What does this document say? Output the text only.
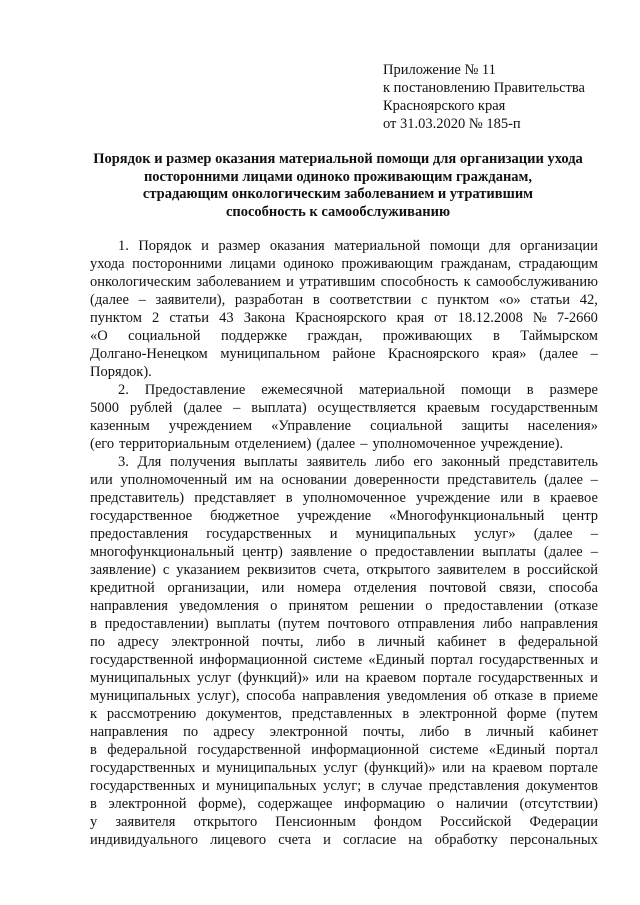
Приложение № 11
к постановлению Правительства
Красноярского края
от 31.03.2020 № 185-п
Порядок и размер оказания материальной помощи для организации ухода
посторонними лицами одиноко проживающим гражданам,
страдающим онкологическим заболеванием и утратившим
способность к самообслуживанию
1. Порядок и размер оказания материальной помощи для организации
ухода посторонними лицами одиноко проживающим гражданам, страдающим
онкологическим заболеванием и утратившим способность к самообслуживанию
(далее – заявители), разработан в соответствии с пунктом «о» статьи 42,
пунктом 2 статьи 43 Закона Красноярского края от 18.12.2008 № 7-2660
«О социальной поддержке граждан, проживающих в Таймырском
Долгано-Ненецком муниципальном районе Красноярского края» (далее –
Порядок).
2. Предоставление ежемесячной материальной помощи в размере
5000 рублей (далее – выплата) осуществляется краевым государственным
казенным учреждением «Управление социальной защиты населения»
(его территориальным отделением) (далее – уполномоченное учреждение).
3. Для получения выплаты заявитель либо его законный представитель
или уполномоченный им на основании доверенности представитель (далее –
представитель) представляет в уполномоченное учреждение или в краевое
государственное бюджетное учреждение «Многофункциональный центр
предоставления государственных и муниципальных услуг» (далее –
многофункциональный центр) заявление о предоставлении выплаты (далее –
заявление) с указанием реквизитов счета, открытого заявителем в российской
кредитной организации, или номера отделения почтовой связи, способа
направления уведомления о принятом решении о предоставлении (отказе
в предоставлении) выплаты (путем почтового отправления либо направления
по адресу электронной почты, либо в личный кабинет в федеральной
государственной информационной системе «Единый портал государственных и
муниципальных услуг (функций)» или на краевом портале государственных и
муниципальных услуг), способа направления уведомления об отказе в приеме
к рассмотрению документов, представленных в электронной форме (путем
направления по адресу электронной почты, либо в личный кабинет
в федеральной государственной информационной системе «Единый портал
государственных и муниципальных услуг (функций)» или на краевом портале
государственных и муниципальных услуг; в случае представления документов
в электронной форме), содержащее информацию о наличии (отсутствии)
у заявителя открытого Пенсионным фондом Российской Федерации
индивидуального лицевого счета и согласие на обработку персональных
